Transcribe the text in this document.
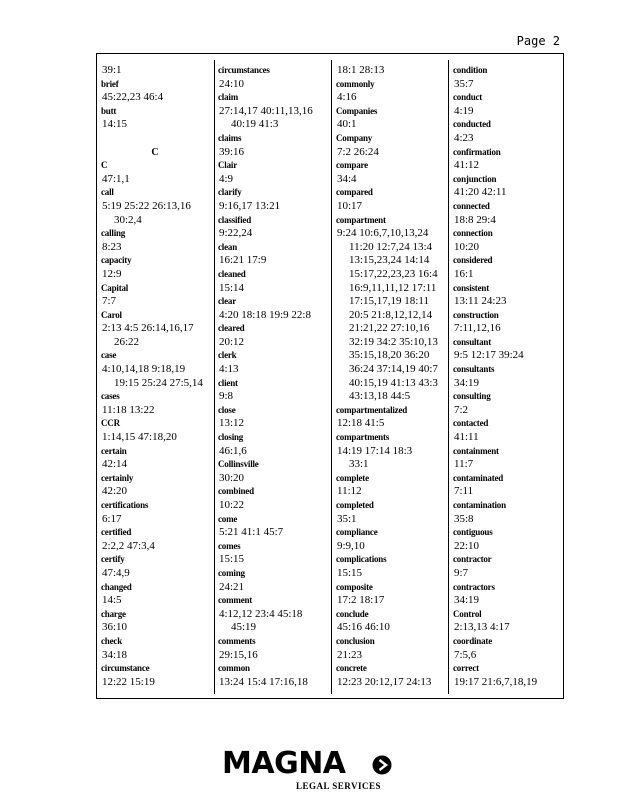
Page 2
39:1
brief
45:22,23 46:4
butt
14:15
C
C
47:1,1
call
5:19 25:22 26:13,16
30:2,4
calling
8:23
capacity
12:9
Capital
7:7
Carol
2:13 4:5 26:14,16,17
26:22
case
4:10,14,18 9:18,19
19:15 25:24 27:5,14
cases
11:18 13:22
CCR
1:14,15 47:18,20
certain
42:14
certainly
42:20
certifications
6:17
certified
2:2,2 47:3,4
certify
47:4,9
changed
14:5
charge
36:10
check
34:18
circumstance
12:22 15:19
circumstances
24:10
claim
27:14,17 40:11,13,16
40:19 41:3
claims
39:16
Clair
4:9
clarify
9:16,17 13:21
classified
9:22,24
clean
16:21 17:9
cleaned
15:14
clear
4:20 18:18 19:9 22:8
cleared
20:12
clerk
4:13
client
9:8
close
13:12
closing
46:1,6
Collinsville
30:20
combined
10:22
come
5:21 41:1 45:7
comes
15:15
coming
24:21
comment
4:12,12 23:4 45:18
45:19
comments
29:15,16
common
13:24 15:4 17:16,18
18:1 28:13
commonly
4:16
Companies
40:1
Company
7:2 26:24
compare
34:4
compared
10:17
compartment
9:24 10:6,7,10,13,24
11:20 12:7,24 13:4
13:15,23,24 14:14
15:17,22,23,23 16:4
16:9,11,11,12 17:11
17:15,17,19 18:11
20:5 21:8,12,12,14
21:21,22 27:10,16
32:19 34:2 35:10,13
35:15,18,20 36:20
36:24 37:14,19 40:7
40:15,19 41:13 43:3
43:13,18 44:5
compartmentalized
12:18 41:5
compartments
14:19 17:14 18:3
33:1
complete
11:12
completed
35:1
compliance
9:9,10
complications
15:15
composite
17:2 18:17
conclude
45:16 46:10
conclusion
21:23
concrete
12:23 20:12,17 24:13
condition
35:7
conduct
4:19
conducted
4:23
confirmation
41:12
conjunction
41:20 42:11
connected
18:8 29:4
connection
10:20
considered
16:1
consistent
13:11 24:23
construction
7:11,12,16
consultant
9:5 12:17 39:24
consultants
34:19
consulting
7:2
contacted
41:11
containment
11:7
contaminated
7:11
contamination
35:8
contiguous
22:10
contractor
9:7
contractors
34:19
Control
2:13,13 4:17
coordinate
7:5,6
correct
19:17 21:6,7,18,19
MAGNA
LEGAL SERVICES
